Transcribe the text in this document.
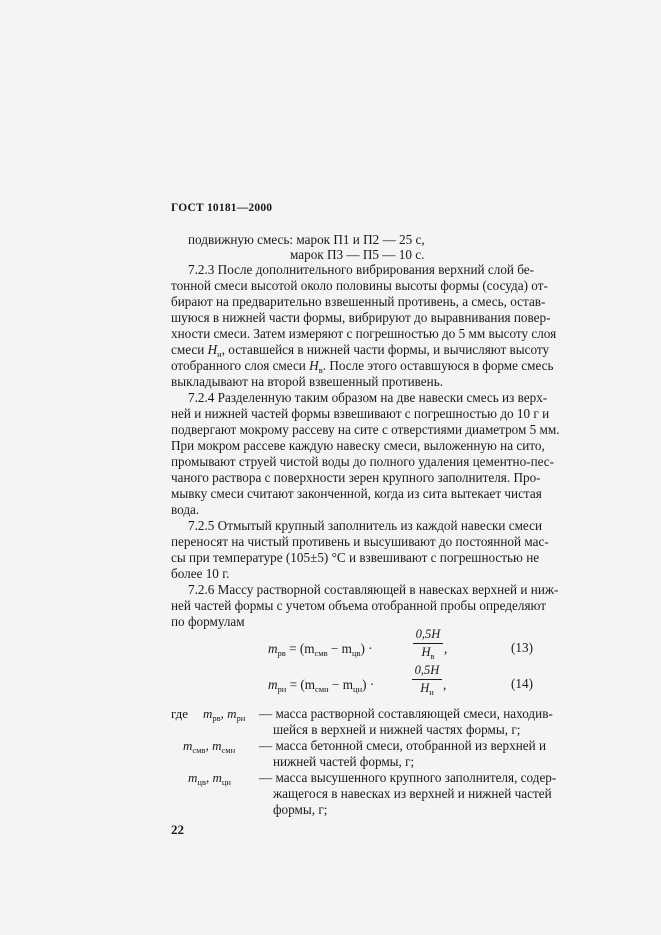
ГОСТ 10181—2000
подвижную смесь: марок П1 и П2 — 25 с,
марок П3 — П5 — 10 с.
7.2.3 После дополнительного вибрирования верхний слой бе-
тонной смеси высотой около половины высоты формы (сосуда) от-
бирают на предварительно взвешенный противень, а смесь, остав-
шуюся в нижней части формы, вибрируют до выравнивания повер-
хности смеси. Затем измеряют с погрешностью до 5 мм высоту слоя
смеси $H_н$, оставшейся в нижней части формы, и вычисляют высоту
отобранного слоя смеси $H_в$. После этого оставшуюся в форме смесь
выкладывают на второй взвешенный противень.
7.2.4 Разделенную таким образом на две навески смесь из верх-
ней и нижней частей формы взвешивают с погрешностью до 10 г и
подвергают мокрому рассеву на сите с отверстиями диаметром 5 мм.
При мокром рассеве каждую навеску смеси, выложенную на сито,
промывают струей чистой воды до полного удаления цементно-пес-
чаного раствора с поверхности зерен крупного заполнителя. Про-
мывку смеси считают законченной, когда из сита вытекает чистая
вода.
7.2.5 Отмытый крупный заполнитель из каждой навески смеси
переносят на чистый противень и высушивают до постоянной мас-
сы при температуре (105±5) °С и взвешивают с погрешностью не
более 10 г.
7.2.6 Массу растворной составляющей в навесках верхней и ниж-
ней частей формы с учетом объема отобранной пробы определяют
по формулам
$m_{рв} = (m_{смв} - m_{цв})$ ·
0,5H
$H_в$ ,	(13)
$m_{рн} = (m_{смн} - m_{цн})$ ·
0,5H
$H_н$ ,	(14)
где $m_{рв}$, $m_{рн}$ — масса растворной составляющей смеси, находив-
шейся в верхней и нижней частях формы, г;
$m_{смв}$, $m_{смн}$ — масса бетонной смеси, отобранной из верхней и
нижней частей формы, г;
$m_{цв}$, $m_{цн}$ — масса высушенного крупного заполнителя, содер-
жащегося в навесках из верхней и нижней частей
формы, г;
22
